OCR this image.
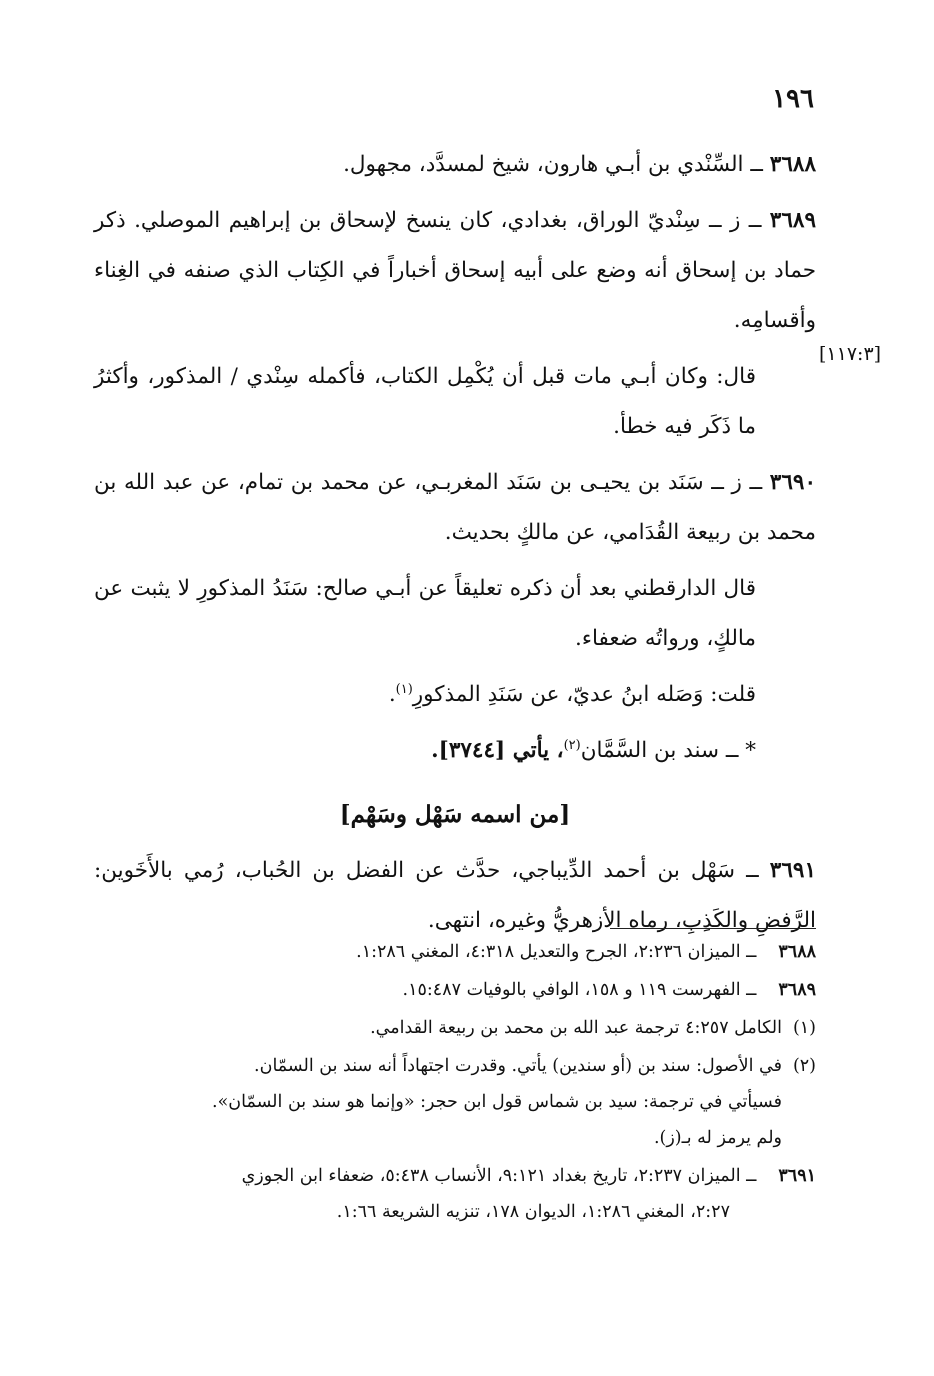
١٩٦
[١١٧:٣]

٣٦٨٨ ــ السِّنْدي بن أبـي هارون، شيخ لمسدَّد، مجهول.

٣٦٨٩ ــ ز ــ سِنْديّ الوراق، بغدادي، كان ينسخ لإسحاق بن إبراهيم الموصلي. ذكر حماد بن إسحاق أنه وضع على أبيه إسحاق أخباراً في الكِتاب الذي صنفه في الغِناء وأقسامِه.

قال: وكان أبـي مات قبل أن يُكْمِل الكتاب، فأكمله سِنْدي / المذكور، وأكثرُ ما ذَكَر فيه خطأ.

٣٦٩٠ ــ ز ــ سَنَد بن يحيـى بن سَنَد المغربـي، عن محمد بن تمام، عن عبد الله بن محمد بن ربيعة القُدَامي، عن مالكٍ بحديث.

قال الدارقطني بعد أن ذكره تعليقاً عن أبـي صالح: سَنَدُ المذكورِ لا يثبت عن مالكٍ، ورواتُه ضعفاء.

قلت: وَصَله ابنُ عديّ، عن سَنَدِ المذكورِ$^{(١)}$.

* ــ سند بن السَّمَّان$^{(٢)}$، يأتي [٣٧٤٤].

[من اسمه سَهْل وسَهْم]

٣٦٩١ ــ سَهْل بن أحمد الدِّيباجي، حدَّث عن الفضل بن الحُباب، رُمي بالأَخَوين: الرَّفضِ والكَذِبِ، رماه الأزهريُّ وغيره، انتهى.

٣٦٨٨ ــ الميزان ٢:٢٣٦، الجرح والتعديل ٤:٣١٨، المغني ١:٢٨٦.
٣٦٨٩ ــ الفهرست ١١٩ و ١٥٨، الوافي بالوفيات ١٥:٤٨٧.
(١)الكامل ٤:٢٥٧ ترجمة عبد الله بن محمد بن ربيعة القدامي.
(٢)في الأصول: سند بن (أو سندين) يأتي. وقدرت اجتهاداً أنه سند بن السمّان.
فسيأتي في ترجمة: سيد بن شماس قول ابن حجر: «وإنما هو سند بن السمّان».
ولم يرمز له بـ(ز).
٣٦٩١ ــ الميزان ٢:٢٣٧، تاريخ بغداد ٩:١٢١، الأنساب ٥:٤٣٨، ضعفاء ابن الجوزي
٢:٢٧، المغني ١:٢٨٦، الديوان ١٧٨، تنزيه الشريعة ١:٦٦.
